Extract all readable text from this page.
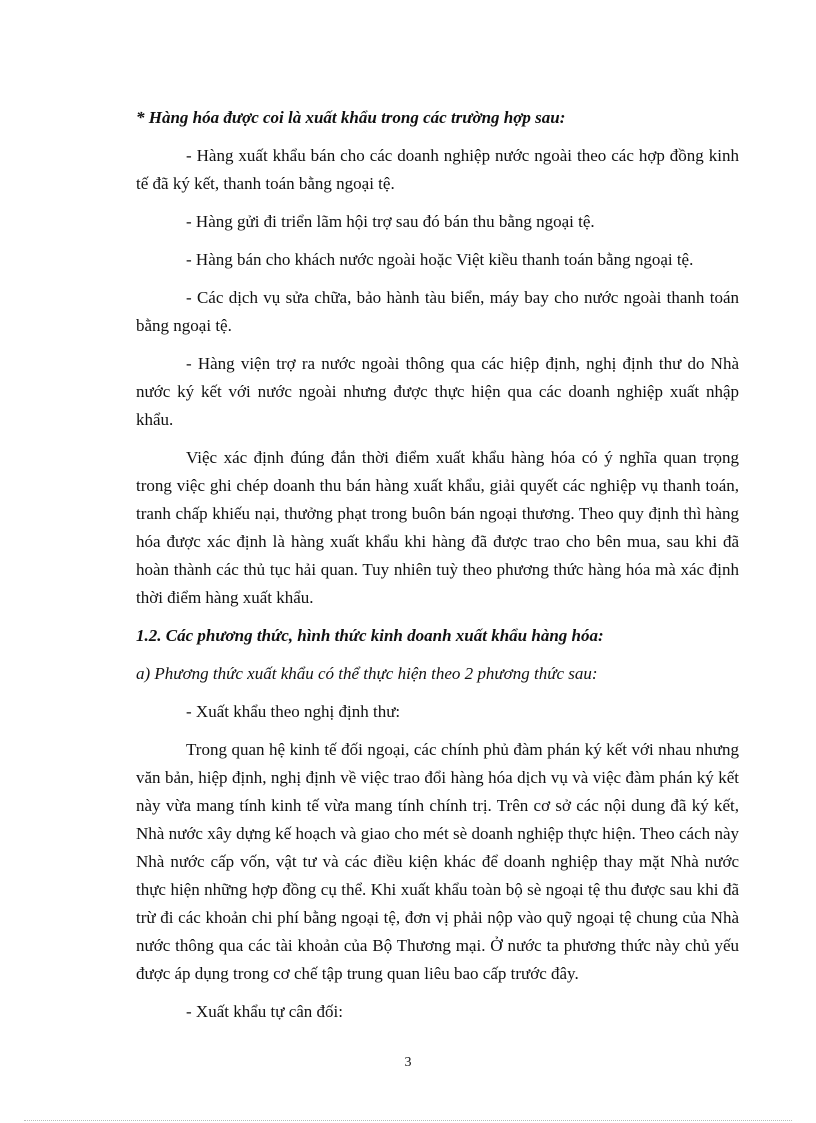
* Hàng hóa được coi là xuất khẩu trong các trường hợp sau:

- Hàng xuất khẩu bán cho các doanh nghiệp nước ngoài theo các hợp đồng kinh tế đã ký kết, thanh toán bằng ngoại tệ.

- Hàng gửi đi triển lãm hội trợ sau đó bán thu bằng ngoại tệ.

- Hàng bán cho khách nước ngoài hoặc Việt kiều thanh toán bằng ngoại tệ.

- Các dịch vụ sửa chữa, bảo hành tàu biển, máy bay cho nước ngoài thanh toán bằng ngoại tệ.

- Hàng viện trợ ra nước ngoài thông qua các hiệp định, nghị định thư do Nhà nước ký kết với nước ngoài nhưng được thực hiện qua các doanh nghiệp xuất nhập khẩu.

Việc xác định đúng đắn thời điểm xuất khẩu hàng hóa có ý nghĩa quan trọng trong việc ghi chép doanh thu bán hàng xuất khẩu, giải quyết các nghiệp vụ thanh toán, tranh chấp khiếu nại, thưởng phạt trong buôn bán ngoại thương. Theo quy định thì hàng hóa được xác định là hàng xuất khẩu khi hàng đã được trao cho bên mua, sau khi đã hoàn thành các thủ tục hải quan. Tuy nhiên tuỳ theo phương thức hàng hóa mà xác định thời điểm hàng xuất khẩu.

1.2. Các phương thức, hình thức kinh doanh xuất khẩu hàng hóa:

a) Phương thức xuất khẩu có thể thực hiện theo 2 phương thức sau:

- Xuất khẩu theo nghị định thư:

Trong quan hệ kinh tế đối ngoại, các chính phủ đàm phán ký kết với nhau nhưng văn bản, hiệp định, nghị định về việc trao đổi hàng hóa dịch vụ và việc đàm phán ký kết này vừa mang tính kinh tế vừa mang tính chính trị. Trên cơ sở các nội dung đã ký kết, Nhà nước xây dựng kế hoạch và giao cho mét sè doanh nghiệp thực hiện. Theo cách này Nhà nước cấp vốn, vật tư và các điều kiện khác để doanh nghiệp thay mặt Nhà nước thực hiện những hợp đồng cụ thể. Khi xuất khẩu toàn bộ sè ngoại tệ thu được sau khi đã trừ đi các khoản chi phí bằng ngoại tệ, đơn vị phải nộp vào quỹ ngoại tệ chung của Nhà nước thông qua các tài khoản của Bộ Thương mại. Ở nước ta phương thức này chủ yếu được áp dụng trong cơ chế tập trung quan liêu bao cấp trước đây.

- Xuất khẩu tự cân đối:

3
